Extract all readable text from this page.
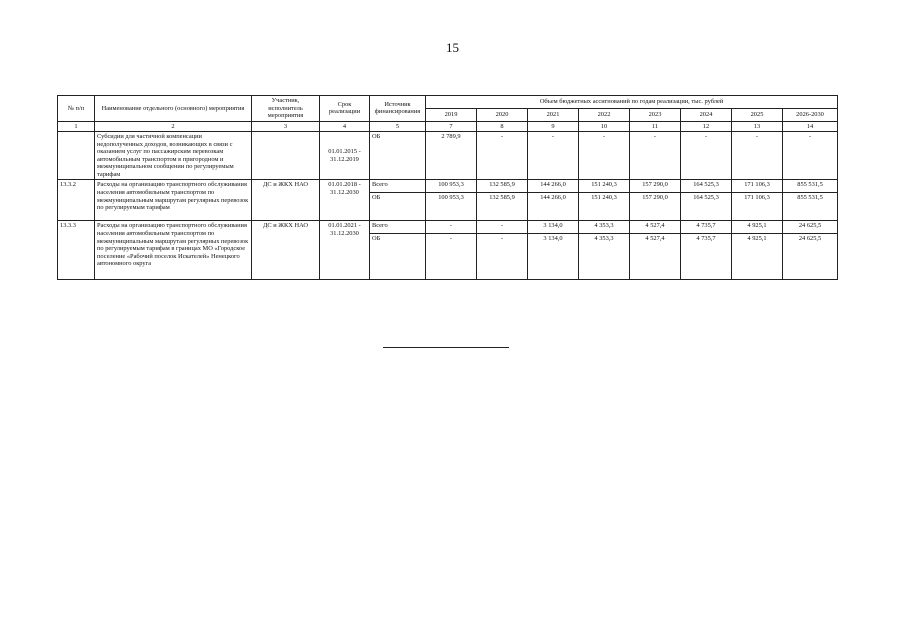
15
№ п/п	Наименование отдельного (основного) мероприятия	Участник, исполнитель мероприятия	Срок реализации	Источник финансирования	Объем бюджетных ассигнований по годам реализации, тыс. рублей							
					2019	2020	2021	2022	2023	2024	2025	2026-2030
1	2	3	4	5	7	8	9	10	11	12	13	14
	Субсидии для частичной компенсации недополученных доходов, возникающих в связи с оказанием услуг по пассажирским перевозкам автомобильным транспортом в пригородном и межмуниципальном сообщении по регулируемым тарифам		01.01.2015 - 31.12.2019	ОБ	2 789,9	-	-	-	-	-	-	-
13.3.2	Расходы на организацию транспортного обслуживания населения автомобильным транспортом по межмуниципальным маршрутам регулярных перевозок по регулируемым тарифам	ДС и ЖКХ НАО	01.01.2018 - 31.12.2030	Всего	100 953,3	132 585,9	144 266,0	151 240,3	157 290,0	164 525,3	171 106,3	855 531,5
				ОБ	100 953,3	132 585,9	144 266,0	151 240,3	157 290,0	164 525,3	171 106,3	855 531,5
13.3.3	Расходы на организацию транспортного обслуживания населения автомобильным транспортом по межмуниципальным маршрутам регулярных перевозок по регулируемым тарифам в границах МО «Городское поселение «Рабочий поселок Искателей» Ненецкого автономного округа	ДС и ЖКХ НАО	01.01.2021 - 31.12.2030	Всего	-	-	3 134,0	4 353,3	4 527,4	4 735,7	4 925,1	24 625,5
				ОБ	-	-	3 134,0	4 353,3	4 527,4	4 735,7	4 925,1	24 625,5
